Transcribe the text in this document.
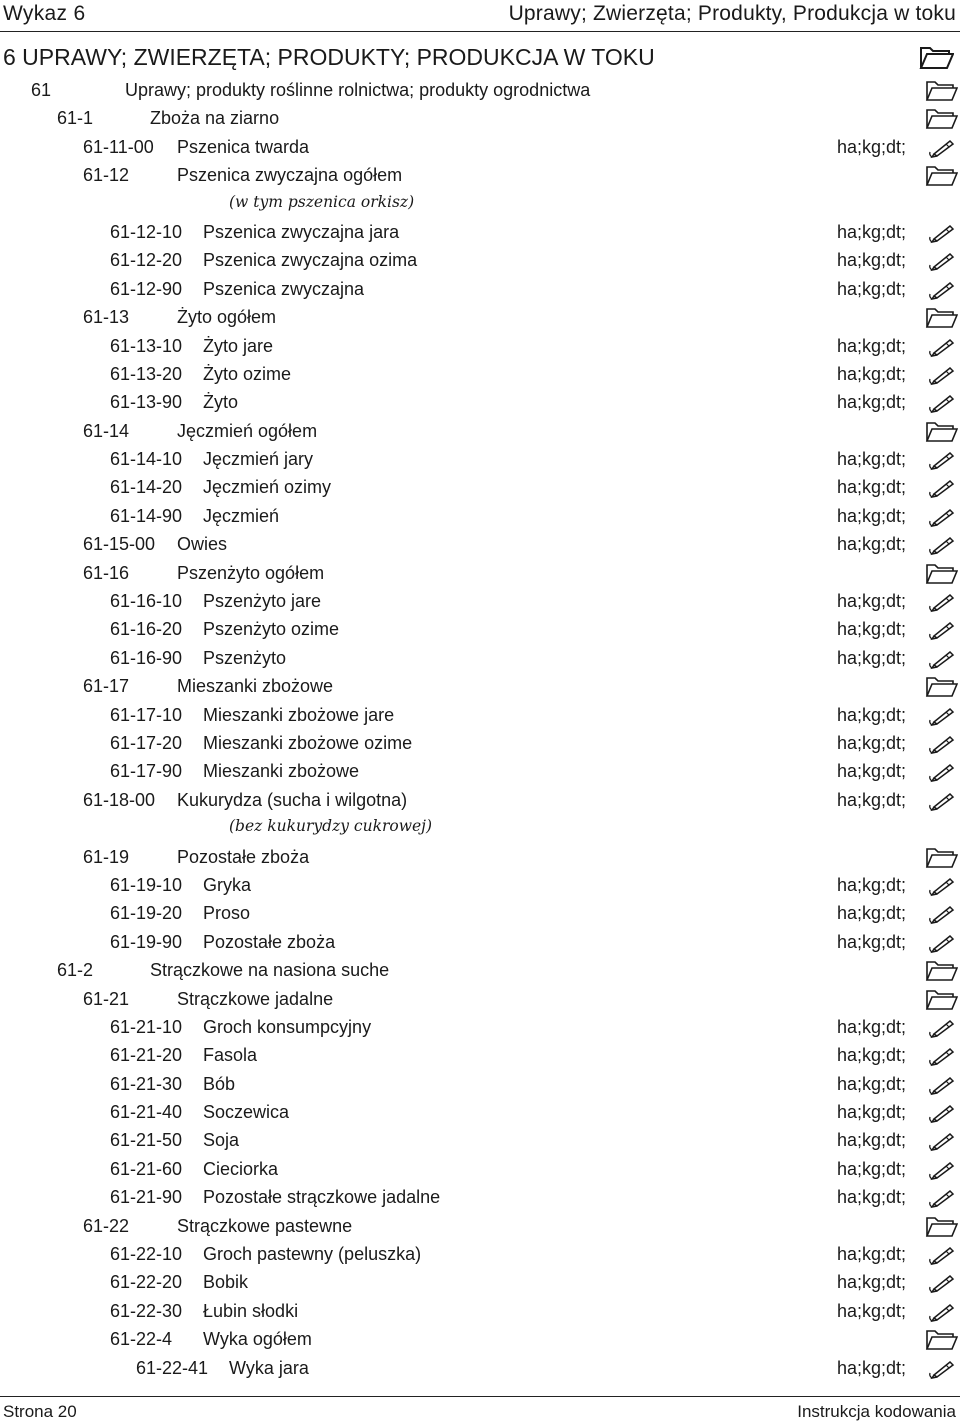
Wykaz 6	Uprawy; Zwierzęta; Produkty, Produkcja w toku
6 UPRAWY; ZWIERZĘTA; PRODUKTY; PRODUKCJA W TOKU
61	Uprawy; produkty roślinne rolnictwa; produkty ogrodnictwa
61-1	Zboża na ziarno
61-11-00 Pszenica twarda	ha;kg;dt;
61-12	Pszenica zwyczajna ogółem
(w tym pszenica orkisz)
61-12-10 Pszenica zwyczajna jara	ha;kg;dt;
61-12-20 Pszenica zwyczajna ozima	ha;kg;dt;
61-12-90 Pszenica zwyczajna	ha;kg;dt;
61-13	Żyto ogółem
61-13-10 Żyto jare	ha;kg;dt;
61-13-20 Żyto ozime	ha;kg;dt;
61-13-90 Żyto	ha;kg;dt;
61-14	Jęczmień ogółem
61-14-10 Jęczmień jary	ha;kg;dt;
61-14-20 Jęczmień ozimy	ha;kg;dt;
61-14-90 Jęczmień	ha;kg;dt;
61-15-00 Owies	ha;kg;dt;
61-16	Pszenżyto ogółem
61-16-10 Pszenżyto jare	ha;kg;dt;
61-16-20 Pszenżyto ozime	ha;kg;dt;
61-16-90 Pszenżyto	ha;kg;dt;
61-17	Mieszanki zbożowe
61-17-10 Mieszanki zbożowe jare	ha;kg;dt;
61-17-20 Mieszanki zbożowe ozime	ha;kg;dt;
61-17-90 Mieszanki zbożowe	ha;kg;dt;
61-18-00 Kukurydza (sucha i wilgotna)	ha;kg;dt;
(bez kukurydzy cukrowej)
61-19	Pozostałe zboża
61-19-10 Gryka	ha;kg;dt;
61-19-20 Proso	ha;kg;dt;
61-19-90 Pozostałe zboża	ha;kg;dt;
61-2	Strączkowe na nasiona suche
61-21	Strączkowe jadalne
61-21-10 Groch konsumpcyjny	ha;kg;dt;
61-21-20 Fasola	ha;kg;dt;
61-21-30 Bób	ha;kg;dt;
61-21-40 Soczewica	ha;kg;dt;
61-21-50 Soja	ha;kg;dt;
61-21-60 Cieciorka	ha;kg;dt;
61-21-90 Pozostałe strączkowe jadalne	ha;kg;dt;
61-22	Strączkowe pastewne
61-22-10 Groch pastewny (peluszka)	ha;kg;dt;
61-22-20 Bobik	ha;kg;dt;
61-22-30 Łubin słodki	ha;kg;dt;
61-22-4 Wyka ogółem
61-22-41 Wyka jara	ha;kg;dt;
Strona 20	Instrukcja kodowania
